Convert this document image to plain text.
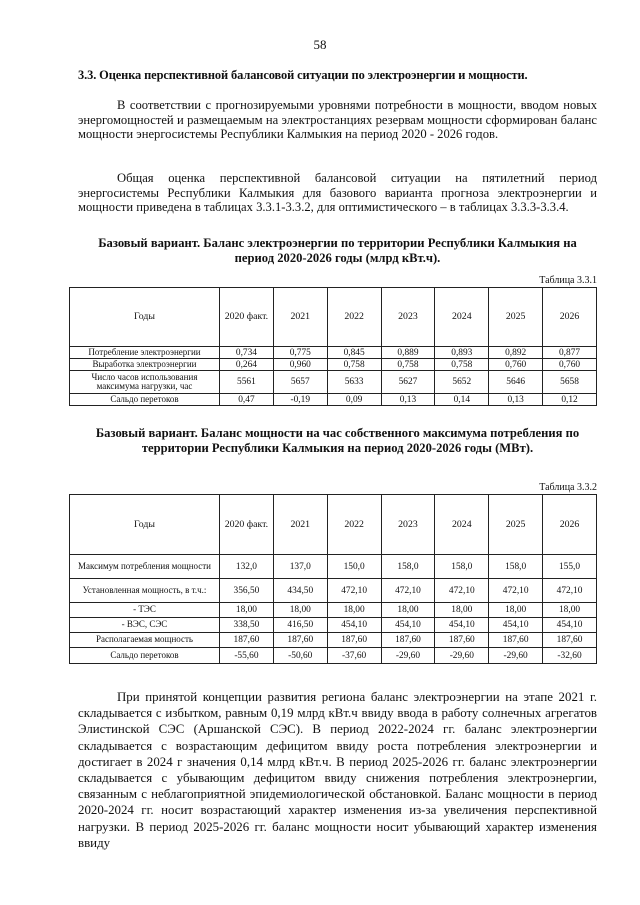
58
3.3. Оценка перспективной балансовой ситуации по электроэнергии и мощности.
В соответствии с прогнозируемыми уровнями потребности в мощности, вводом новых энергомощностей и размещаемым на электростанциях резервам мощности сформирован баланс мощности энергосистемы Республики Калмыкия на период 2020 - 2026 годов.
Общая оценка перспективной балансовой ситуации на пятилетний период энергосистемы Республики Калмыкия для базового варианта прогноза электроэнергии и мощности приведена в таблицах 3.3.1-3.3.2, для оптимистического – в таблицах 3.3.3-3.3.4.
Базовый вариант. Баланс электроэнергии по территории Республики Калмыкия на период 2020-2026 годы (млрд кВт.ч).
Таблица 3.3.1
Годы	2020 факт.	2021	2022	2023	2024	2025	2026
Потребление электроэнергии	0,734	0,775	0,845	0,889	0,893	0,892	0,877
Выработка электроэнергии	0,264	0,960	0,758	0,758	0,758	0,760	0,760
Число часов использования максимума нагрузки, час	5561	5657	5633	5627	5652	5646	5658
Сальдо перетоков	0,47	-0,19	0,09	0,13	0,14	0,13	0,12
Базовый вариант. Баланс мощности на час собственного максимума потребления по территории Республики Калмыкия на период 2020-2026 годы (МВт).
Таблица 3.3.2
Годы	2020 факт.	2021	2022	2023	2024	2025	2026
Максимум потребления мощности	132,0	137,0	150,0	158,0	158,0	158,0	155,0
Установленная мощность, в т.ч.:	356,50	434,50	472,10	472,10	472,10	472,10	472,10
- ТЭС	18,00	18,00	18,00	18,00	18,00	18,00	18,00
- ВЭС, СЭС	338,50	416,50	454,10	454,10	454,10	454,10	454,10
Располагаемая мощность	187,60	187,60	187,60	187,60	187,60	187,60	187,60
Сальдо перетоков	-55,60	-50,60	-37,60	-29,60	-29,60	-29,60	-32,60
При принятой концепции развития региона баланс электроэнергии на этапе 2021 г. складывается с избытком, равным 0,19 млрд кВт.ч ввиду ввода в работу солнечных агрегатов Элистинской СЭС (Аршанской СЭС). В период 2022-2024 гг. баланс электроэнергии складывается с возрастающим дефицитом ввиду роста потребления электроэнергии и достигает в 2024 г значения 0,14 млрд кВт.ч. В период 2025-2026 гг. баланс электроэнергии складывается с убывающим дефицитом ввиду снижения потребления электроэнергии, связанным с неблагоприятной эпидемиологической обстановкой. Баланс мощности в период 2020-2024 гг. носит возрастающий характер изменения из-за увеличения перспективной нагрузки. В период 2025-2026 гг. баланс мощности носит убывающий характер изменения ввиду
